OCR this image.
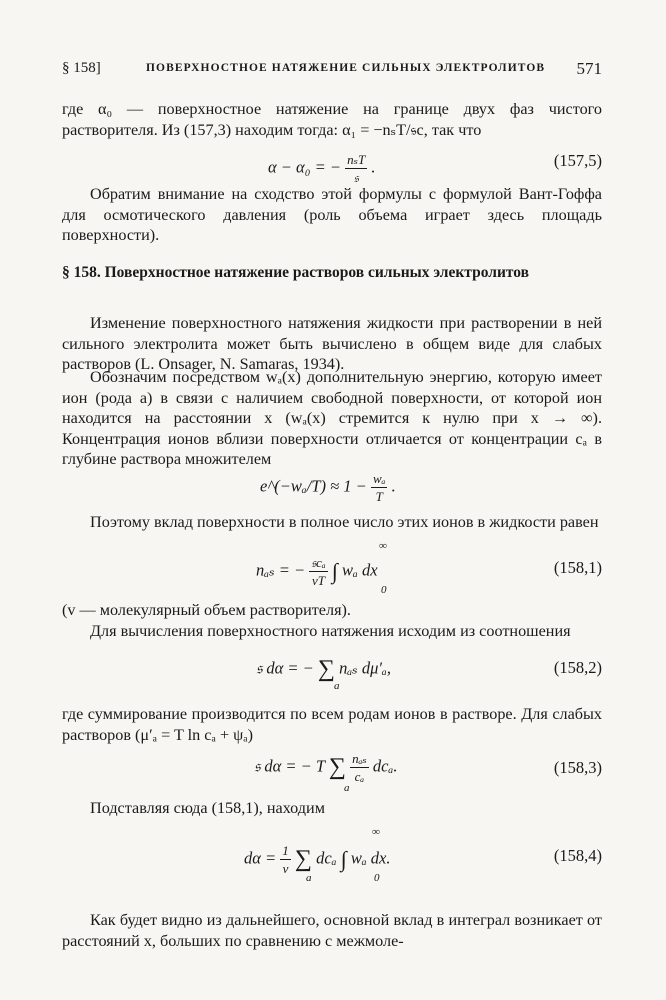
§ 158]	ПОВЕРХНОСТНОЕ НАТЯЖЕНИЕ СИЛЬНЫХ ЭЛЕКТРОЛИТОВ 571
где α₀ — поверхностное натяжение на границе двух фаз чистого растворителя. Из (157,3) находим тогда: α₁ = −nₛT/𝔰c, так что
α − α₀ = − $\frac{\text{nₛT}}{\text{𝔰}}$ .	(157,5)
Обратим внимание на сходство этой формулы с формулой Вант-Гоффа для осмотического давления (роль объема играет здесь площадь поверхности).
§ 158. Поверхностное натяжение растворов сильных электролитов
Изменение поверхностного натяжения жидкости при растворении в ней сильного электролита может быть вычислено в общем виде для слабых растворов (L. Onsager, N. Samaras, 1934).
Обозначим посредством wₐ(x) дополнительную энергию, которую имеет ион (рода a) в связи с наличием свободной поверхности, от которой ион находится на расстоянии x (wₐ(x) стремится к нулю при x → ∞). Концентрация ионов вблизи поверхности отличается от концентрации cₐ в глубине раствора множителем
e^(−wₐ/T) ≈ $1 - \frac{\text{wₐ}}{T}$ .
Поэтому вклад поверхности в полное число этих ионов в жидкости равен
nₐₛ = − $\frac{\text{𝔰cₐ}}{vT}$ ∫ wₐ dx
∞
0
(158,1)
(v — молекулярный объем растворителя).
Для вычисления поверхностного натяжения исходим из соотношения
𝔰 dα = − ∑ nₐₛ dμ′ₐ,
a
(158,2)
где суммирование производится по всем родам ионов в растворе. Для слабых растворов (μ′ₐ = T ln cₐ + ψₐ)
𝔰 dα = − T ∑ $\frac{\text{nₐₛ}}{\text{cₐ}} dc_a$.
a
(158,3)
Подставляя сюда (158,1), находим
$d\alpha = \frac{1}{v}$ ∑ dcₐ ∫ wₐ dx.
∞
0
a
(158,4)
Как будет видно из дальнейшего, основной вклад в интеграл возникает от расстояний x, больших по сравнению с межмоле-
